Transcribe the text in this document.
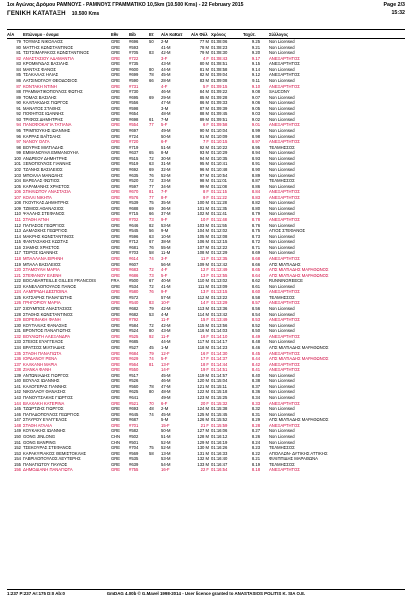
1οι Αγώνας Δρόμου ΡΑΜΝΟΥΣ - ΡΑΜΝΟΥΣ ΓΡΑΜΜΑΤΙΚΟ 10,5km (10.500 Kms) - 22 February 2015
ΓΕΝΙΚΗ ΚΑΤΑΤΑΞΗ 10.500 Kms
Page 2/3
15:32
Α/Α	Επώνυμο - όνομα	Εθν	Bib	Ετ	Α/Α Κατ	Κατ	Α/Α Φύλ	Χρόνος	Ταχύτ.	Σύλλογος
79	ΤΟΥΜΑΣ ΝΙΚΟΛΑΟΣ	GRE	#696	50	2-M		77 M	01:08:06	9.25	Non Licensed
80	ΜΑΤΤΗΣ ΚΩΝΣΤΑΝΤΙΝΟΣ	GRE	#593		41-M		78 M	01:08:23	9.21	Non Licensed
81	ΤΣΙΤΣΙΜΑΡΑΚΟΣ ΚΩΝΣΤΑΝΤΙΝΟΣ	GRE	#705	83	42-M		79 M	01:08:30	9.20	Non Licensed
82	ΑΝΑΣΤΑΣΙΟΥ ΑΔΑΜΑΝΤΙΑ	GRE	#722		3-F		4 F	01:08:43	9.17	ΑΝΕΞΑΡΤΗΤΟΣ
83	ΚΡΟΜΜΥΔΑΣ ΒΑΣΙΛΗΣ	GRE	#735		43-M		80 M	01:08:51	9.15	ΑΝΕΞΑΡΤΗΤΟΣ
84	ΜΑΝΤΑΣ ΦΑΝΟΣ	GRE	#600	80	44-M		81 M	01:08:58	9.14	Non Licensed
85	ΤΣΑΚΑΛΑΣ ΗΛΙΑΣ	GRE	#699	78	45-M		82 M	01:09:04	9.12	ΑΝΕΞΑΡΤΗΤΟΣ
86	ΛΑΤΣΙΝΟΓΛΟΥ ΘΕΟΔΟΣΙΟΣ	GRE	#590	66	28-M		83 M	01:09:08	9.11	Non Licensed
87	ΚΟΝΤΑΚΗ ΝΤΙΝΗ	GRE	#731		4-F		5 F	01:09:15	9.10	ΑΝΕΞΑΡΤΗΤΟΣ
88	ΓΡΑΜΜΑΤΙΚΟΠΟΥΛΟΣ ΦΩΤΗΣ	GRE	#730		46-M		84 M	01:09:22	9.08	SAUCONY
89	ΤΟΜΑΣ ΒΑΣΙΛΗΣ	GRE	#695	69	29-M		85 M	01:09:28	9.07	Non Licensed
90	ΚΑΛΠΑΚΙΔΗΣ ΓΙΩΡΓΟΣ	GRE	#556		47-M		86 M	01:09:33	9.06	Non Licensed
91	ΜΑΝΑΤΟΣ ΣΤΑΘΗΣ	GRE	#598		3-M		87 M	01:09:39	9.05	Non Licensed
92	ΠΟΦΗΤΟΣ ΙΩΑΝΝΗΣ	GRE	#654		48-M		88 M	01:09:45	9.03	Non Licensed
93	ΤΡΙΦΟΣ ΔΗΜΗΤΡΗΣ	GRE	#698	61	7-M		89 M	01:09:51	9.02	Non Licensed
94	ΠΑΝΟΦΟΚΑΓΙΑ ΤΑΤΙΑΝΑ	GRE	#554	77	5-F		6 F	01:09:58	9.01	ΑΝΕΞΑΡΤΗΤΟΣ
95	ΤΡΙΜΠΟΥΚΗΣ ΙΩΑΝΝΗΣ	GRE	#697		49-M		90 M	01:10:04	8.99	Non Licensed
96	ΚΑΡΡΑΣ ΒΑΪΤΣΑΗΣ	GRE	#724		50-M		91 M	01:10:09	8.98	Non Licensed
97	ΝΑΝΟΥ ΟΛΓΑ	GRE	#720		6-F		7 F	01:10:15	8.97	ΑΝΕΞΑΡΤΗΤΟΣ
98	ΒΟΥΡΗΣ ΜΙΛΤΙΑΔΗΣ	GRE	#719		51-M		92 M	01:10:22	8.95	ΤΕΛΜΗΣΣΟΣ
99	ΕΜΜΑΝΟΥΗΛ ΕΜΜΑΝΟΥΗΛ	GRE	#637	65	8-M		93 M	01:10:29	8.94	Non Licensed
100	ΑΝΔΡΕΟΥ ΔΗΜΗΤΡΗΣ	GRE	#515	72	30-M		94 M	01:10:35	8.93	Non Licensed
101	ΞΕΝΟΠΟΥΛΟΣ ΓΙΑΝΝΗΣ	GRE	#519	63	31-M		95 M	01:10:41	8.91	Non Licensed
102	ΤΖΑΝΗΣ ΒΑΣΙΛΕΙΟΣ	GRE	#692	69	32-M		96 M	01:10:48	8.90	Non Licensed
103	ΜΠΟΛΛΑ ΜΑΝΩΛΗΣ	GRE	#635	76	52-M		97 M	01:10:54	8.89	Non Licensed
104	ΒΑΡΕΛΑΣ ΦΩΤΙΟΣ	GRE	#520	72	33-M		98 M	01:11:01	8.87	ΤΕΛΜΗΣΣΟΣ
105	ΚΑΡΑΜΑΝΗΣ ΧΡΗΣΤΟΣ	GRE	#597	77	34-M		99 M	01:11:08	8.86	Non Licensed
106	ΣΠΗΛΙΩΤΟΥ ΑΝΑΣΤΑΣΙΑ	GRE	#670	81	7-F		8 F	01:11:15	8.84	ΑΝΕΞΑΡΤΗΤΟΣ
107	ΚΟΛΛΙ ΝΙΚΗΤΑ	GRE	#576	77	8-F		9 F	01:11:22	8.83	ΑΝΕΞΑΡΤΗΤΟΣ
108	ΓΚΟΥΓΚΑΣ ΔΗΜΗΤΡΗΣ	GRE	#539	75	35-M		100 M	01:11:28	8.82	Non Licensed
109	ΤΖΙΜΟΣ ΑΘΑΝΑΣΙΟΣ	GRE	#688	69	36-M		101 M	01:11:35	8.80	Non Licensed
110	ΨΑΛΛΗΣ ΣΤΕΦΑΝΟΣ	GRE	#715	66	37-M		102 M	01:11:41	8.79	Non Licensed
111	ΣΤΑΘΗ ΑΓΝΗ	GRE	#702	73	9-F		10 F	01:11:48	8.78	ΑΝΕΞΑΡΤΗΤΟΣ
112	ΠΑΠΑΣΟΣ ΓΕΩΡΓΙΟΣ	GRE	#646	82	53-M		103 M	01:11:55	8.76	Non Licensed
113	ΔΑΜΑΣΚΗΣ ΓΕΩΡΓΙΟΣ	GRE	#545	56	9-M		104 M	01:12:02	8.75	ΑΓΙΟΣ ΣΤΕΦΑΝΟΣ
114	ΜΑΚΡΗΣ ΚΩΝΣΤΑΝΤΙΝΟΣ	GRE	#596	63	10-M		105 M	01:12:08	8.73	Non Licensed
115	ΦΑΝΤΑΣΑΚΗΣ ΚΩΣΤΑΣ	GRE	#712	67	38-M		106 M	01:12:15	8.72	Non Licensed
116	ΣΙΑΜΗΣ ΧΡΗΣΤΟΣ	GRE	#681	76	55-M		107 M	01:12:22	8.71	Non Licensed
117	ΤΣΙΡΟΣ ΙΩΑΝΝΗΣ	GRE	#703	58	11-M		108 M	01:12:29	8.69	Non Licensed
118	ΜΠΑΛΛΑΝΑ ΕΙΡΗΝΗ	GRE	#614	74	3-F		11 F	01:12:35	8.68	ΑΝΕΞΑΡΤΗΤΟΣ
119	ΜΠΑΛΑ ΒΑΣΙΛΕΙΟΣ	GRE	#607		56-M		109 M	01:12:42	8.66	ΑΠΣ ΜΙΛΤΙΑΔΗΣ
120	ΣΤΑΜΟΥΛΗ ΜΑΡΙΑ	GRE	#683	72	4-F		12 F	01:12:49	8.65	ΑΠΣ ΜΙΛΤΙΑΔΗΣ ΜΑΡΑΘΩΝΟΣ
121	ΣΤΕΦΑΝΟΥ ΕΛΕΝΗ	GRE	#686	73	5-F		13 F	01:12:55	8.64	ΑΠΣ ΜΙΛΤΙΑΔΗΣ ΜΑΡΑΘΩΝΟΣ
122	BOCABARTEILLE GILLES FRANCOIS	FRA	#500	67	40-M		110 M	01:13:02	8.62	RUNNINGREECE
123	ΚΑΝΕΛΛΟΠΟΥΛΟΣ ΠΑΝΟΣ	GRE	#534	72	41-M		111 M	01:13:09	8.61	Non Licensed
124	ΛΑΜΠΡΙΔΗ ΔΕΣΠΟΙΝΑ	GRE	#580	76	9-F		13 F	01:13:15	8.60	ΑΝΕΞΑΡΤΗΤΟΣ
125	ΚΑΤΣΑΡΗΣ ΠΑΝΑΓΙΩΤΗΣ	GRE	#572		57-M		112 M	01:13:22	8.58	ΤΕΛΜΗΣΣΟΣ
126	ΓΡΗΓΟΡΙΟΥ ΜΑΡΙΑ	GRE	#540	83	10-F		14 F	01:13:29	8.57	ΑΝΕΞΑΡΤΗΤΟΣ
127	ΣΙΟΥΜΠΟΣ ΑΝΑΣΤΑΣΙΟΣ	GRE	#682	79	42-M		113 M	01:13:36	8.56	Non Licensed
128	ΣΤΑΘΗΣ ΚΩΝΣΤΑΝΤΙΝΟΣ	GRE	#682	53	4-M		114 M	01:13:42	8.54	Non Licensed
129	ΒΟΡΕΙΝΑΚΗ ΦΑΝΗ	GRE	#792		11-F		15 F	01:13:49	8.53	ΑΝΕΞΑΡΤΗΤΟΣ
130	ΚΟΥΤΑΛΙΑΣ ΦΑΝΑΣΗΣ	GRE	#584	72	42-M		115 M	01:13:56	8.52	Non Licensed
131	ΒΡΟΝΤΟΣ ΠΑΝΑΓΙΩΤΗΣ	GRE	#524	80	43-M		116 M	01:14:03	8.50	Non Licensed
132	ΒΟΥΛΙΩΤΗ ΑΛΕΞΑΝΔΡΑ	GRE	#525	92	11-F		16 F	01:14:10	8.49	ΑΝΕΞΑΡΤΗΤΟΣ
133	ΣΤΕΙΟΣ ΕΥΑΓΓΕΛΟΣ	GRE	#685		44-M		117 M	01:14:17	8.48	Non Licensed
134	ΒΡΑΤΣΟΣ ΜΙΛΤΙΑΔΗΣ	GRE	#527	45	1-M		118 M	01:14:23	8.46	ΑΠΣ ΜΙΛΤΙΑΔΗΣ ΜΑΡΑΘΩΝΟΣ
135	ΣΤΑΘΗ ΠΑΝΑΓΙΩΤΑ	GRE	#684	79	12-F		16 F	01:14:30	8.45	ΑΝΕΞΑΡΤΗΤΟΣ
136	ΙΟΡΔΑΝΟΥ ΡΕΝΑ	GRE	#629	74	5-F		17 F	01:14:37	8.44	ΑΠΣ ΜΙΛΤΙΑΔΗΣ ΜΑΡΑΘΩΝΟΣ
137	ΚΑΛΚΑΝΗ ΜΑΡΙΑ	GRE	#564	81	13-F		18 F	01:14:44	8.42	ΑΝΕΞΑΡΤΗΤΟΣ
138	ΖΙΑΝΚΑ ΦΑΝΗ	GRE	#550		14-F		19 F	01:14:51	8.41	ΑΝΕΞΑΡΤΗΤΟΣ
139	ΑΝΤΩΝΙΑΔΗΣ ΓΙΩΡΓΟΣ	GRE	#517		45-M		119 M	01:14:57	8.40	Non Licensed
140	ΒΟΥΛΑΣ ΙΩΑΝΝΗΣ	GRE	#526		46-M		120 M	01:15:04	8.38	Non Licensed
141	ΚΑΛΟΓΕΡΑΣ ΓΙΑΝΝΗΣ	GRE	#560	78	47-M		121 M	01:15:11	8.37	Non Licensed
142	ΝΙΚΟΛΑΟΥ ΘΑΝΑΣΗΣ	GRE	#625	80	48-M		122 M	01:15:18	8.36	Non Licensed
143	ΠΑΝΟΥΤΣΑΚΗΣ ΓΙΩΡΓΟΣ	GRE	#641		49-M		123 M	01:15:25	8.34	Non Licensed
144	ΒΛΑΧΑΚΗ ΚΑΤΕΡΙΝΑ	GRE	#521	70	6-F		20 F	01:15:32	8.33	ΑΝΕΞΑΡΤΗΤΟΣ
145	ΤΖΩΡΤΖΗΣ ΓΙΩΡΓΟΣ	GRE	#693	48	2-M		124 M	01:15:38	8.32	Non Licensed
146	ΠΑΠΑΔΟΠΟΥΛΟΣ ΓΕΩΡΓΙΟΣ	GRE	#645	74	45-M		125 M	01:15:45	8.31	Non Licensed
147	ΣΤΑΥΡΟΥ ΕΥΑΓΓΕΛΟΣ	GRE	#687		5-M		126 M	01:15:52	8.29	ΑΠΣ ΜΙΛΤΙΑΔΗΣ ΜΑΡΑΘΩΝΟΣ
148	ΣΤΑΘΗ ΑΓΛΑΙΑ	GRE	#701		15-F		21 F	01:15:59	8.28	ΑΝΕΞΑΡΤΗΤΟΣ
149	ΚΟΥΚΑΚΗΣ ΙΩΑΝΝΗΣ	GRE	#582		50-M		127 M	01:16:06	8.27	Non Licensed
150	GONG JINLONG	CHN	#502		51-M		128 M	01:16:12	8.26	Non Licensed
151	GONG BANPING	CHN	#501		52-M		129 M	01:16:19	8.24	Non Licensed
152	ΤΣΕΚΟΥΡΑΣ ΣΤΕΦΑΝΟΣ	GRE	#704	75	52-M		130 M	01:16:26	8.23	ΤΕΛΜΗΣΣΟΣ
153	ΚΑΡΑΚΥΡΙΑΚΟΣ ΘΕΜΙΣΤΟΚΛΗΣ	GRE	#569	58	13-M		131 M	01:16:33	8.22	ΑΠΟΛΛΩΝ- ΔΥΤΙΚΗΣ ΑΤΤΙΚΗΣ
154	ΓΑΒΡΙΛΟΠΟΥΛΟΣ ΛΕΥΤΕΡΗΣ	GRE	#535		53-M		132 M	01:16:40	8.21	ΦΙΛΙΠΠΙΔΗΣ ΜΑΡΑΘΩΝΑ
155	ΠΑΝΑΓΙΩΤΟΥ ΠΑΥΛΟΣ	GRE	#639		54-M		133 M	01:16:47	8.19	ΤΕΛΜΗΣΣΟΣ
156	ΔΗΜΟΔΙΑΝΗ ΠΑΝΑΓΙΩΤΑ	GRE	#755		16-F		22 F	01:16:54	8.18	ΑΝΕΞΑΡΤΗΤΟΣ
1:237 P:237 Ar:175 D:0 Ab:0	GmDAG 4.00b © G.Mavel 1998-2014 - User licence granted to ANASTASIOS POLITIS K. SIA O.E.
